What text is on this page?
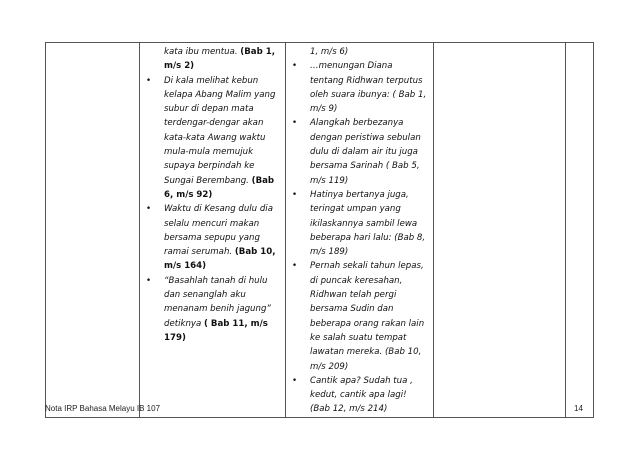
kata ibu mentua. (Bab 1, m/s 2)
• Di kala melihat kebun kelapa Abang Malim yang subur di depan mata terdengar-dengar akan kata-kata Awang waktu mula-mula memujuk supaya berpindah ke Sungai Berembang. (Bab 6, m/s 92)
• Waktu di Kesang dulu dia selalu mencuri makan bersama sepupu yang ramai serumah. (Bab 10, m/s 164)
• “Basahlah tanah di hulu dan senanglah aku menanam benih jagung” detiknya ( Bab 11, m/s 179)

1, m/s 6)
• …menungan Diana tentang Ridhwan terputus oleh suara ibunya: ( Bab 1, m/s 9)
• Alangkah berbezanya dengan peristiwa sebulan dulu di dalam air itu juga bersama Sarinah ( Bab 5, m/s 119)
• Hatinya bertanya juga, teringat umpan yang ikilaskannya sambil lewa beberapa hari lalu: (Bab 8, m/s 189)
• Pernah sekali tahun lepas, di puncak keresahan, Ridhwan telah pergi bersama Sudin dan beberapa orang rakan lain ke salah suatu tempat lawatan mereka. (Bab 10, m/s 209)
• Cantik apa? Sudah tua , kedut, cantik apa lagi! (Bab 12, m/s 214)

Nota IRP Bahasa Melayu IB 107	14
